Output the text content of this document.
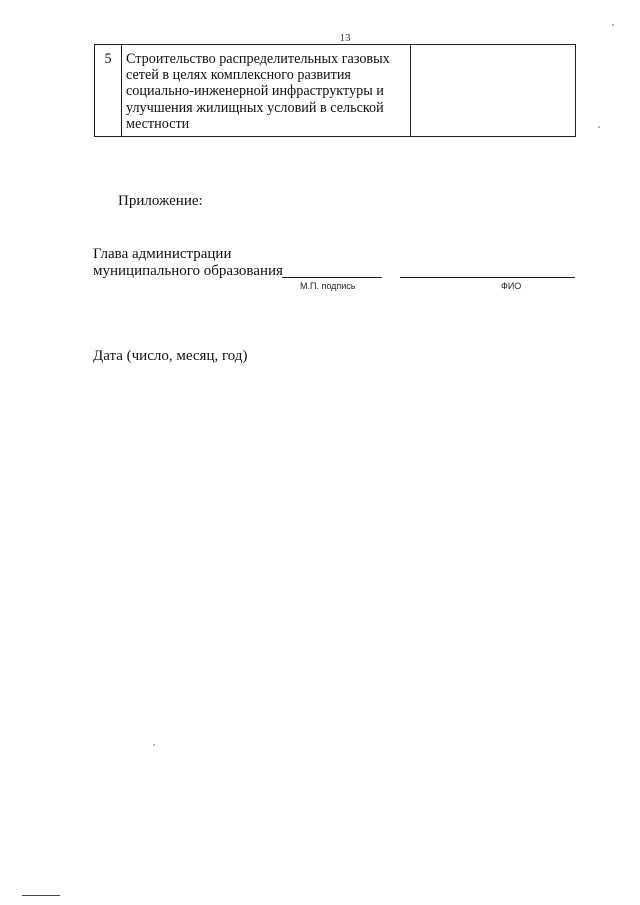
13
5	Строительство распределительных газовых
сетей в целях комплексного развития
социально-инженерной инфраструктуры и
улучшения жилищных условий в сельской
местности

Приложение:
Глава администрации
муниципального образования
М.П. подпись	ФИО
Дата (число, месяц, год)
